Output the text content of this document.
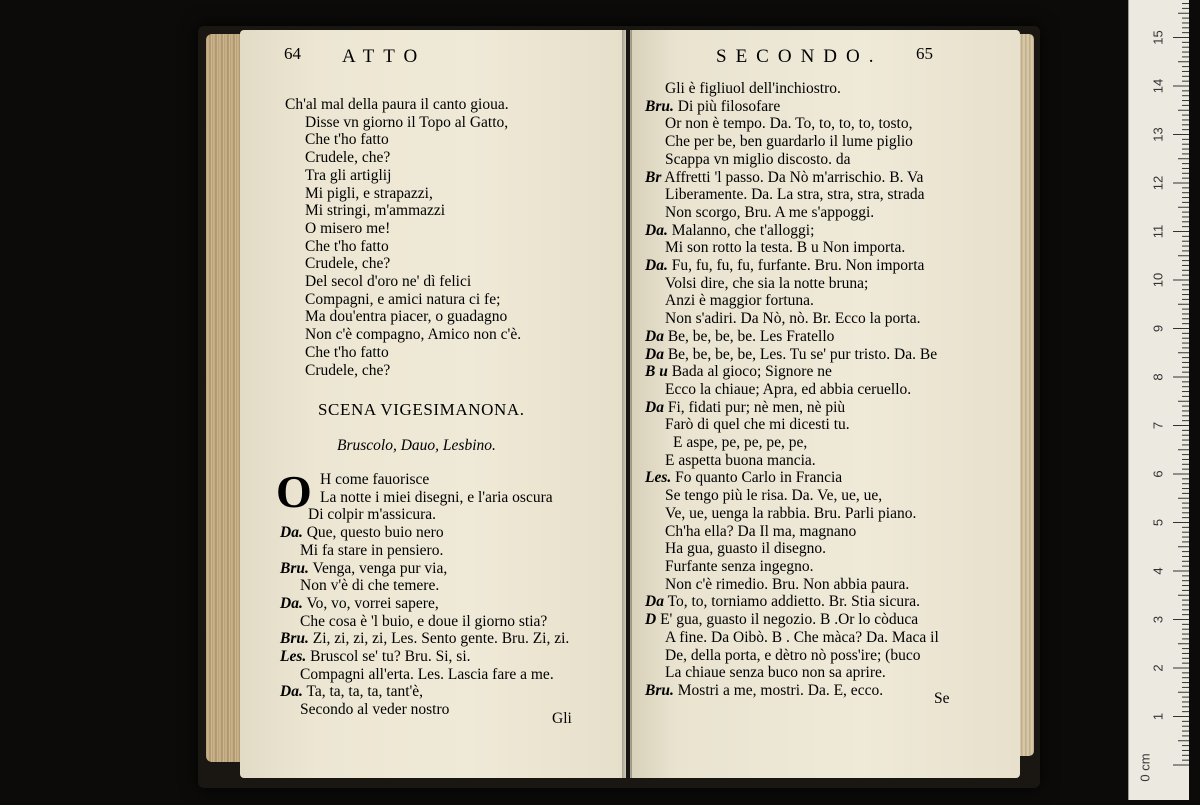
64 ATTO
Ch'al mal della paura il canto gioua.
Disse vn giorno il Topo al Gatto,
Che t'ho fatto
Crudele, che?
Tra gli artiglij
Mi pigli, e strapazzi,
Mi stringi, m'ammazzi
O misero me!
Che t'ho fatto
Crudele, che?
Del secol d'oro ne' dì felici
Compagni, e amici natura ci fe;
Ma dou'entra piacer, o guadagno
Non c'è compagno, Amico non c'è.
Che t'ho fatto
Crudele, che?
SCENA VIGESIMANONA.
Bruscolo, Dauo, Lesbino.
O H come fauorisce
La notte i miei disegni, e l'aria oscura
Di colpir m'assicura.
Da. Que, questo buio nero
Mi fa stare in pensiero.
Bru. Venga, venga pur via,
Non v'è di che temere.
Da. Vo, vo, vorrei sapere,
Che cosa è 'l buio, e doue il giorno stia?
Bru. Zi, zi, zi, zi, Les. Sento gente. Bru. Zi, zi.
Les. Bruscol se' tu? Bru. Si, si.
Compagni all'erta. Les. Lascia fare a me.
Da. Ta, ta, ta, ta, tant'è,
Secondo al veder nostro
Gli
SECONDO. 65
Gli è figliuol dell'inchiostro.
Bru. Di più filosofare
Or non è tempo. Da. To, to, to, to, tosto,
Che per be, ben guardarlo il lume piglio
Scappa vn miglio discosto. da
Br Affretti 'l passo. Da Nò m'arrischio. B. Va
Liberamente. Da. La stra, stra, stra, strada
Non scorgo, Bru. A me s'appoggi.
Da. Malanno, che t'alloggi;
Mi son rotto la testa. B u Non importa.
Da. Fu, fu, fu, fu, furfante. Bru. Non importa
Volsi dire, che sia la notte bruna;
Anzi è maggior fortuna.
Non s'adiri. Da Nò, nò. Br. Ecco la porta.
Da Be, be, be, be. Les Fratello
Da Be, be, be, be, Les. Tu se' pur tristo. Da. Be
B u Bada al gioco; Signore ne
Ecco la chiaue; Apra, ed abbia ceruello.
Da Fi, fidati pur; nè men, nè più
Farò di quel che mi dicesti tu.
E aspe, pe, pe, pe, pe,
E aspetta buona mancia.
Les. Fo quanto Carlo in Francia
Se tengo più le risa. Da. Ve, ue, ue,
Ve, ue, uenga la rabbia. Bru. Parli piano.
Ch'ha ella? Da Il ma, magnano
Ha gua, guasto il disegno.
Furfante senza ingegno.
Non c'è rimedio. Bru. Non abbia paura.
Da To, to, torniamo addietto. Br. Stia sicura.
D E' gua, guasto il negozio. B .Or lo còduca
A fine. Da Oibò. B . Che màca? Da. Maca il
De, della porta, e dètro nò poss'ire; (buco
La chiaue senza buco non sa aprire.
Bru. Mostri a me, mostri. Da. E, ecco.	Se
1
2
3
4
5
6
7
8
9
10
11
12
13
14
15
0 cm
